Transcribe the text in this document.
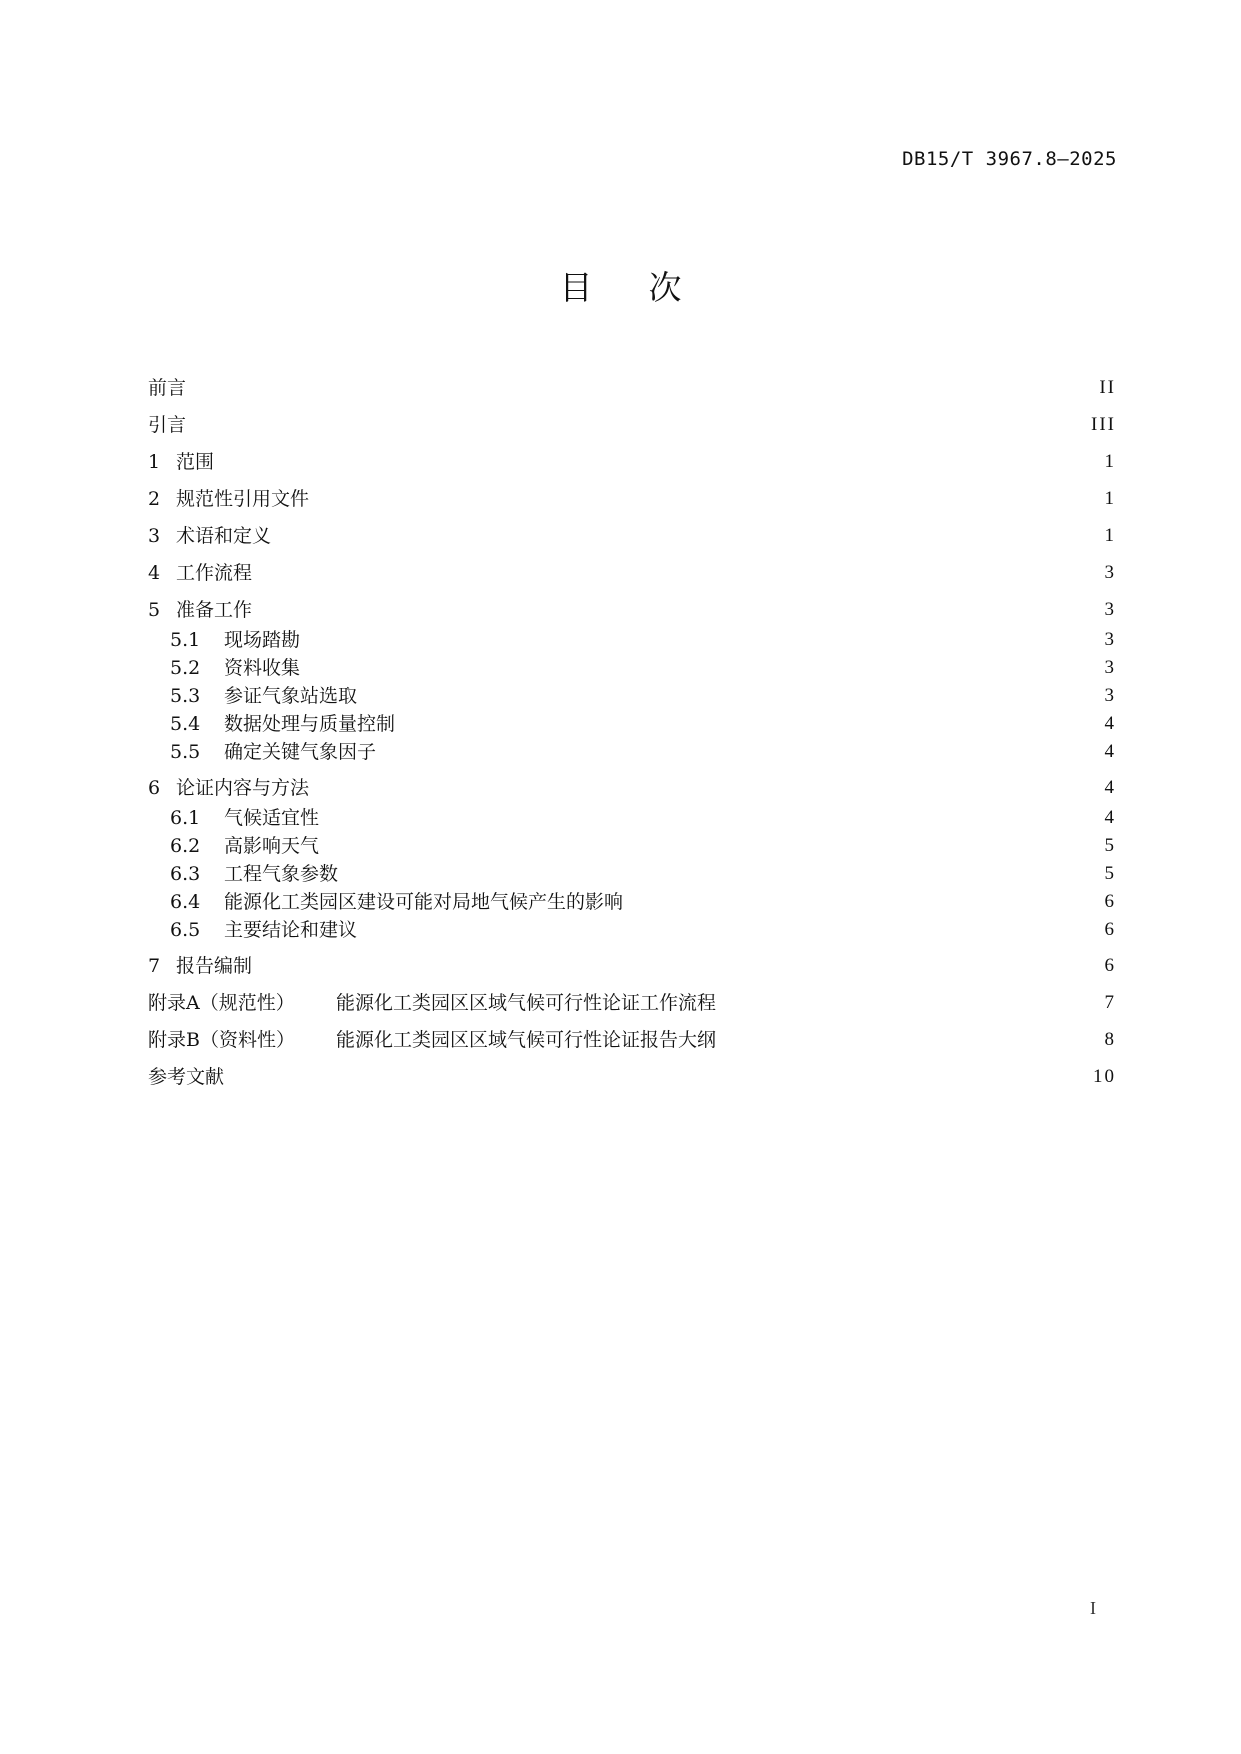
DB15/T 3967.8—2025
目次
前言	II
引言	III
1 范围	1
2 规范性引用文件	1
3 术语和定义	1
4 工作流程	3
5 准备工作	3
5.1	现场踏勘	3
5.2	资料收集	3
5.3	参证气象站选取	3
5.4	数据处理与质量控制	4
5.5	确定关键气象因子	4
6 论证内容与方法	4
6.1	气候适宜性	4
6.2	高影响天气	5
6.3	工程气象参数	5
6.4	能源化工类园区建设可能对局地气候产生的影响	6
6.5	主要结论和建议	6
7 报告编制	6
附录A（规范性）	能源化工类园区区域气候可行性论证工作流程	7
附录B（资料性）	能源化工类园区区域气候可行性论证报告大纲	8
参考文献	10
I
